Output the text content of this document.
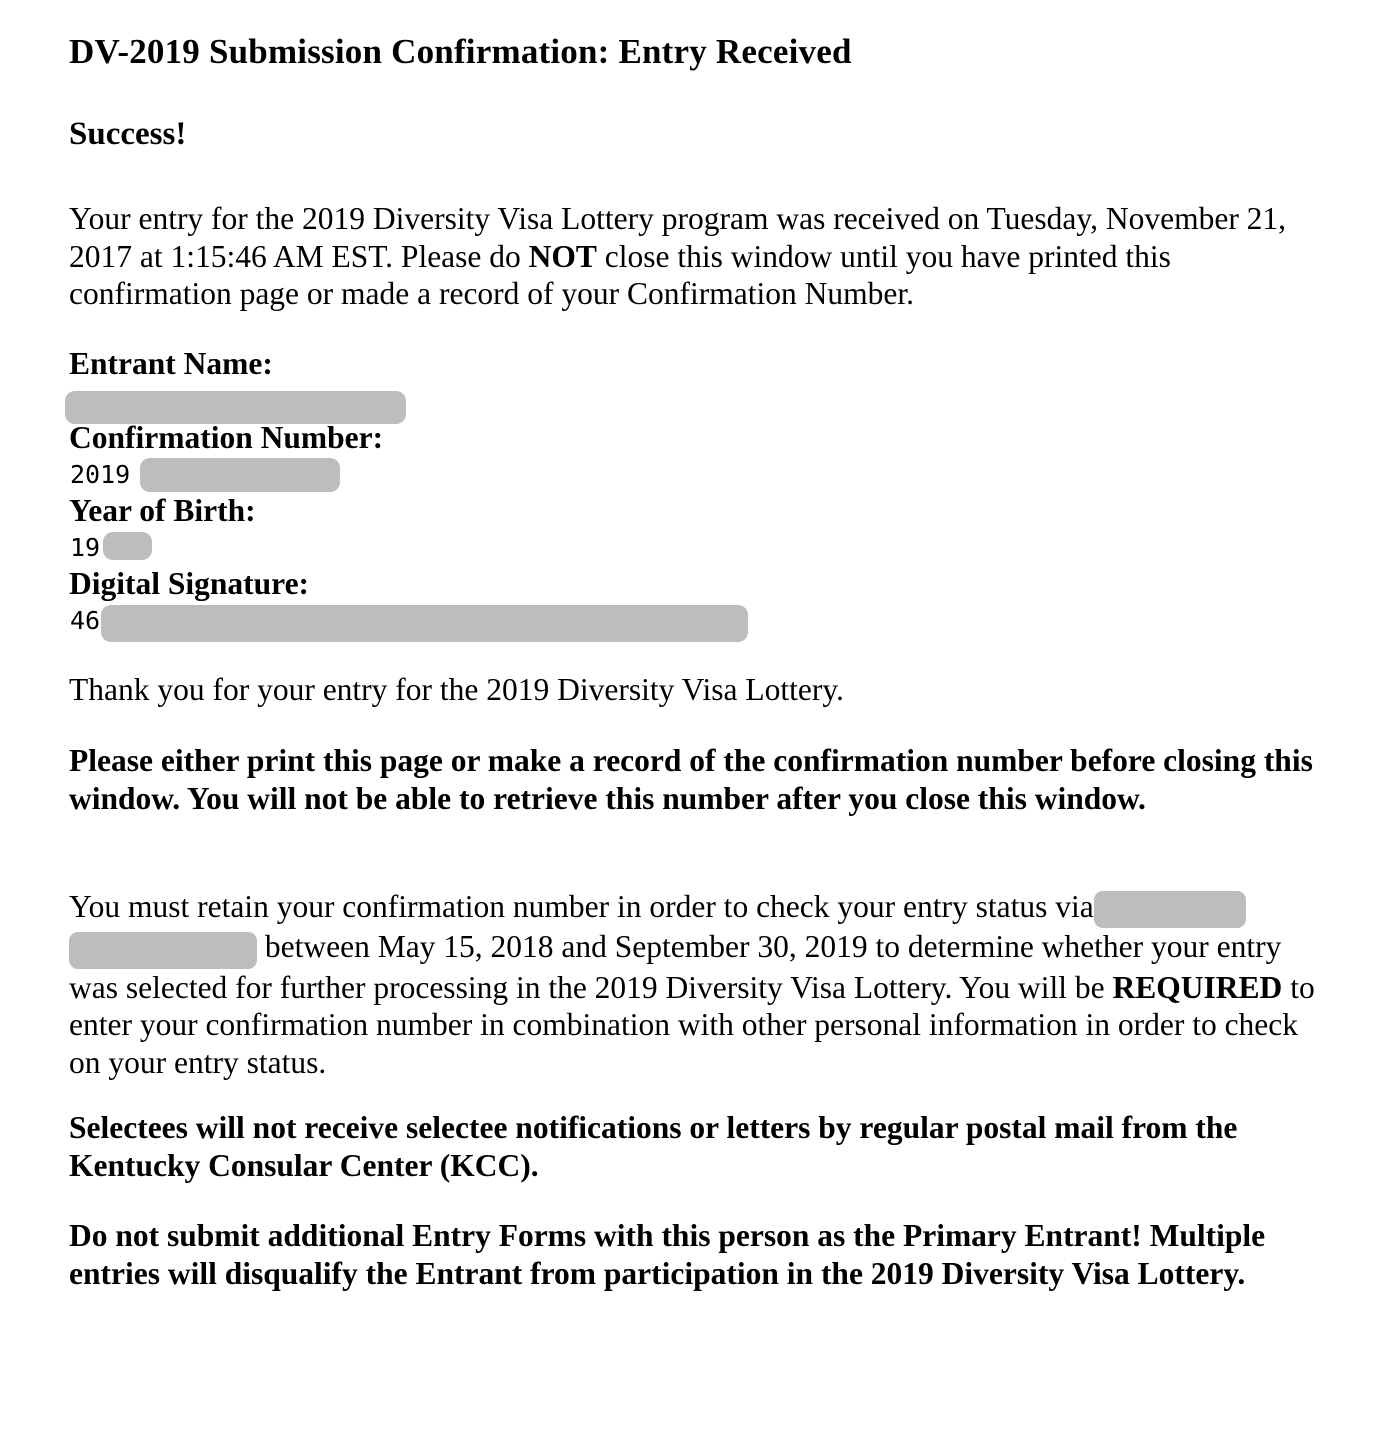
DV-2019 Submission Confirmation: Entry Received
Success!

Your entry for the 2019 Diversity Visa Lottery program was received on Tuesday, November 21, 2017 at 1:15:46 AM EST. Please do NOT close this window until you have printed this confirmation page or made a record of your Confirmation Number.

Entrant Name:
Confirmation Number:
2019
Year of Birth:
19
Digital Signature:
46

Thank you for your entry for the 2019 Diversity Visa Lottery.

Please either print this page or make a record of the confirmation number before closing this window. You will not be able to retrieve this number after you close this window.

You must retain your confirmation number in order to check your entry status via
between May 15, 2018 and September 30, 2019 to determine whether your entry was selected for further processing in the 2019 Diversity Visa Lottery. You will be REQUIRED to enter your confirmation number in combination with other personal information in order to check on your entry status.

Selectees will not receive selectee notifications or letters by regular postal mail from the Kentucky Consular Center (KCC).

Do not submit additional Entry Forms with this person as the Primary Entrant! Multiple entries will disqualify the Entrant from participation in the 2019 Diversity Visa Lottery.
